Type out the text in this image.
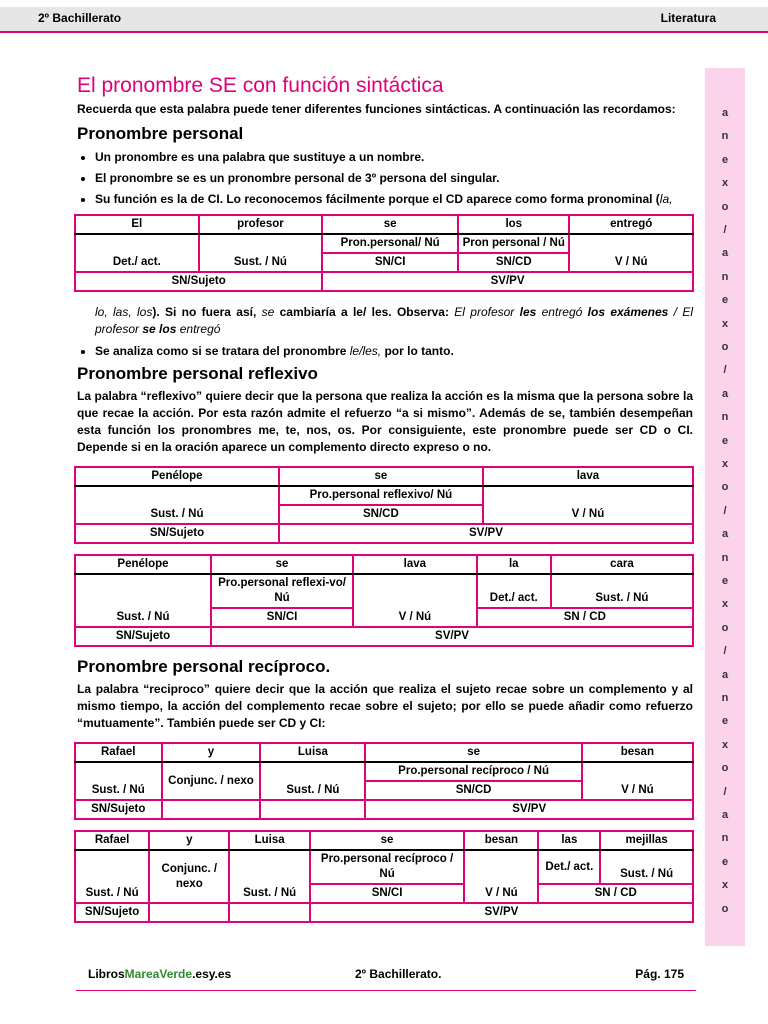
2º Bachillerato	Literatura
a
n
e
x
o
/
a
n
e
x
o
/
a
n
e
x
o
/
a
n
e
x
o
/
a
n
e
x
o
/
a
n
e
x
o
El pronombre SE con función sintáctica

Recuerda que esta palabra puede tener diferentes funciones sintácticas. A continuación las recordamos:

Pronombre personal
• Un pronombre es una palabra que sustituye a un nombre.
• El pronombre se es un pronombre personal de 3º persona del singular.
• Su función es la de CI. Lo reconocemos fácilmente porque el CD aparece como forma pronominal (la,
El	profesor	se	los	entregó
Det./ act.	Sust. / Nú	Pron.personal/ Nú	Pron personal / Nú	V / Nú
		SN/CI	SN/CD	
SN/Sujeto		SV/PV		

lo, las, los). Si no fuera así, se cambiaría a le/ les. Observa: El profesor les entregó los exámenes / El profesor se los entregó

• Se analiza como si se tratara del pronombre le/les, por lo tanto.
Pronombre personal reflexivo

La palabra “reflexivo” quiere decir que la persona que realiza la acción es la misma que la persona sobre la que recae la acción. Por esta razón admite el refuerzo “a si mismo”. Además de se, también desempeñan esta función los pronombres me, te, nos, os. Por consiguiente, este pronombre puede ser CD o CI. Depende si en la oración aparece un complemento directo expreso o no.

Penélope	se	lava
Sust. / Nú	Pro.personal reflexivo/ Nú	V / Nú
	SN/CD	
SN/Sujeto	SV/PV	
Penélope	se	lava	la	cara
Sust. / Nú	Pro.personal reflexi-vo/ Nú	V / Nú	Det./ act.	Sust. / Nú
	SN/CI		SN / CD	
SN/Sujeto	SV/PV			
Pronombre personal recíproco.

La palabra “reciproco” quiere decir que la acción que realiza el sujeto recae sobre un complemento y al mismo tiempo, la acción del complemento recae sobre el sujeto; por ello se puede añadir como refuerzo “mutuamente”. También puede ser CD y CI:

Rafael	y	Luisa	se	besan
Sust. / Nú	Conjunc. / nexo	Sust. / Nú	Pro.personal recíproco / Nú	V / Nú
			SN/CD	
SN/Sujeto			SV/PV	
Rafael	y	Luisa	se	besan	las	mejillas
Sust. / Nú	Conjunc. / nexo	Sust. / Nú	Pro.personal recíproco / Nú	V / Nú	Det./ act.	Sust. / Nú
			SN/CI		SN / CD	
SN/Sujeto			SV/PV			
LibrosMareaVerde.esy.es	2º Bachillerato.	Pág. 175
